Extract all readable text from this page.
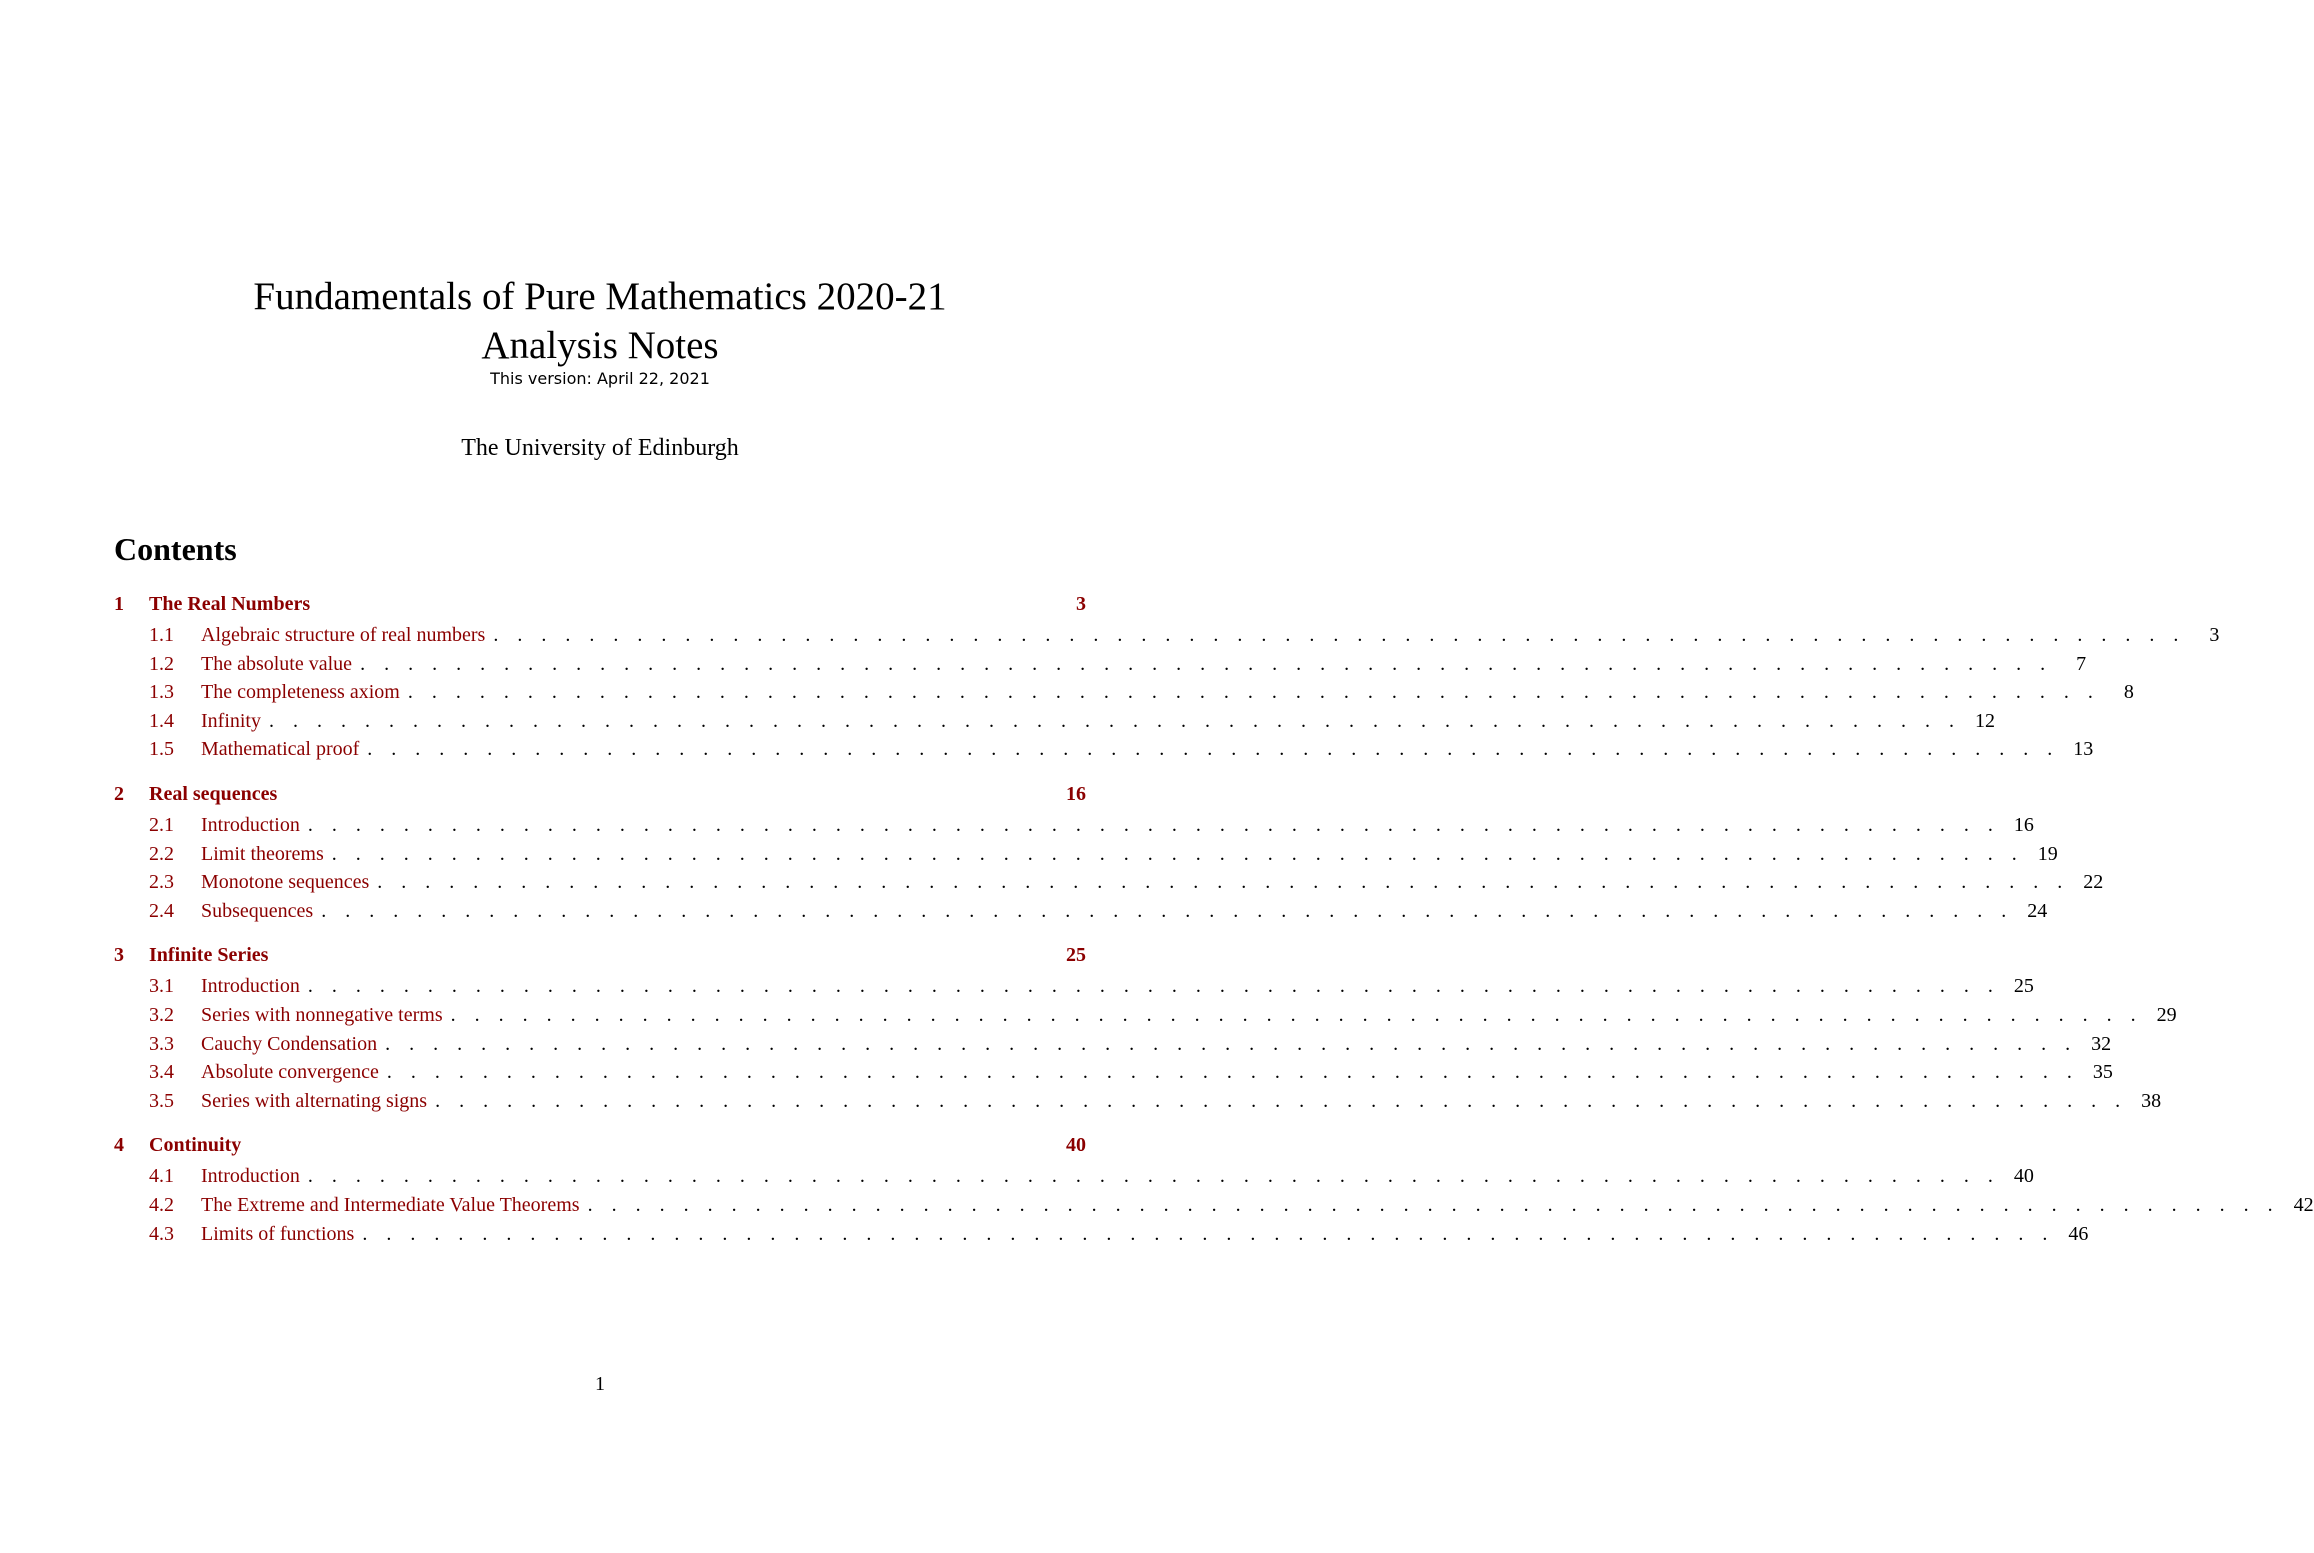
Fundamentals of Pure Mathematics 2020-21
Analysis Notes
This version: April 22, 2021
The University of Edinburgh
Contents
1	The Real Numbers	3
1.1	Algebraic structure of real numbers . . . . . . . . . . . . . . . . . . . . . . . . . . . . . . . . . . . . . . . . . . . . . . . . . . . . . . . . . . . . . . . . . . . . . . .	3
1.2	The absolute value . . . . . . . . . . . . . . . . . . . . . . . . . . . . . . . . . . . . . . . . . . . . . . . . . . . . . . . . . . . . . . . . . . . . . . .	7
1.3	The completeness axiom . . . . . . . . . . . . . . . . . . . . . . . . . . . . . . . . . . . . . . . . . . . . . . . . . . . . . . . . . . . . . . . . . . . . . . .	8
1.4	Infinity . . . . . . . . . . . . . . . . . . . . . . . . . . . . . . . . . . . . . . . . . . . . . . . . . . . . . . . . . . . . . . . . . . . . . . . 12
1.5	Mathematical proof . . . . . . . . . . . . . . . . . . . . . . . . . . . . . . . . . . . . . . . . . . . . . . . . . . . . . . . . . . . . . . . . . . . . . . . 13
2	Real sequences	16
2.1	Introduction . . . . . . . . . . . . . . . . . . . . . . . . . . . . . . . . . . . . . . . . . . . . . . . . . . . . . . . . . . . . . . . . . . . . . . . 16
2.2	Limit theorems . . . . . . . . . . . . . . . . . . . . . . . . . . . . . . . . . . . . . . . . . . . . . . . . . . . . . . . . . . . . . . . . . . . . . . . 19
2.3	Monotone sequences . . . . . . . . . . . . . . . . . . . . . . . . . . . . . . . . . . . . . . . . . . . . . . . . . . . . . . . . . . . . . . . . . . . . . . . 22
2.4	Subsequences . . . . . . . . . . . . . . . . . . . . . . . . . . . . . . . . . . . . . . . . . . . . . . . . . . . . . . . . . . . . . . . . . . . . . . . 24
3	Infinite Series	25
3.1	Introduction . . . . . . . . . . . . . . . . . . . . . . . . . . . . . . . . . . . . . . . . . . . . . . . . . . . . . . . . . . . . . . . . . . . . . . . 25
3.2	Series with nonnegative terms . . . . . . . . . . . . . . . . . . . . . . . . . . . . . . . . . . . . . . . . . . . . . . . . . . . . . . . . . . . . . . . . . . . . . . . 29
3.3	Cauchy Condensation . . . . . . . . . . . . . . . . . . . . . . . . . . . . . . . . . . . . . . . . . . . . . . . . . . . . . . . . . . . . . . . . . . . . . . . 32
3.4	Absolute convergence . . . . . . . . . . . . . . . . . . . . . . . . . . . . . . . . . . . . . . . . . . . . . . . . . . . . . . . . . . . . . . . . . . . . . . . 35
3.5	Series with alternating signs . . . . . . . . . . . . . . . . . . . . . . . . . . . . . . . . . . . . . . . . . . . . . . . . . . . . . . . . . . . . . . . . . . . . . . . 38
4	Continuity	40
4.1	Introduction . . . . . . . . . . . . . . . . . . . . . . . . . . . . . . . . . . . . . . . . . . . . . . . . . . . . . . . . . . . . . . . . . . . . . . . 40
4.2	The Extreme and Intermediate Value Theorems . . . . . . . . . . . . . . . . . . . . . . . . . . . . . . . . . . . . . . . . . . . . . . . . . . . . . . . . . . . . . . . . . . . . . . . 42
4.3	Limits of functions . . . . . . . . . . . . . . . . . . . . . . . . . . . . . . . . . . . . . . . . . . . . . . . . . . . . . . . . . . . . . . . . . . . . . . . 46
1
